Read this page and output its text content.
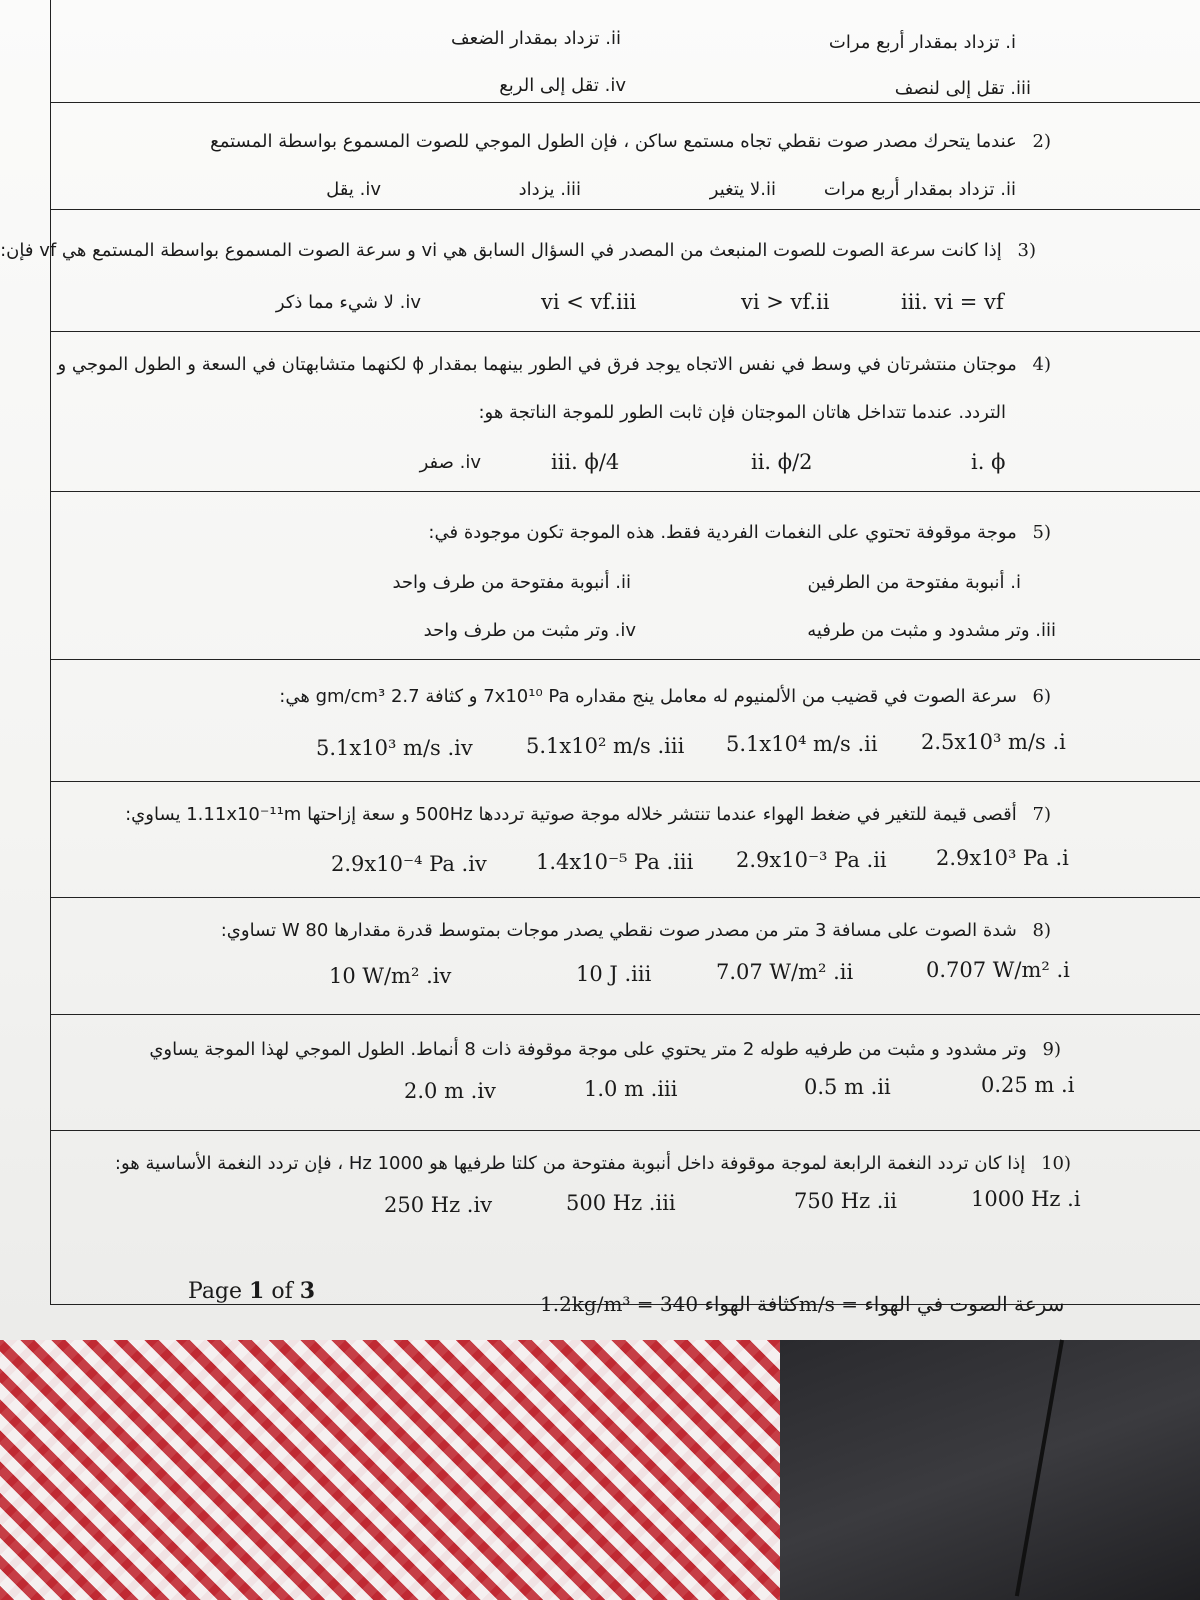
i. تزداد بمقدار أربع مرات
ii. تزداد بمقدار الضعف
iii. تقل إلى لنصف
iv. تقل إلى الربع
(2 عندما يتحرك مصدر صوت نقطي تجاه مستمع ساكن ، فإن الطول الموجي للصوت المسموع بواسطة المستمع
ii. تزداد بمقدار أربع مرات
ii.لا يتغير
iii. يزداد
iv. يقل
(3 إذا كانت سرعة الصوت للصوت المنبعث من المصدر في السؤال السابق هي vi و سرعة الصوت المسموع بواسطة المستمع هي vf فإن:
iii. vi = vf
vi > vf.ii
vi < vf.iii
iv. لا شيء مما ذكر
(4 موجتان منتشرتان في وسط في نفس الاتجاه يوجد فرق في الطور بينهما بمقدار ϕ لكنهما متشابهتان في السعة و الطول الموجي و
التردد. عندما تتداخل هاتان الموجتان فإن ثابت الطور للموجة الناتجة هو:
i. ϕ
ii. ϕ/2
iii. ϕ/4
iv. صفر
(5 موجة موقوفة تحتوي على النغمات الفردية فقط. هذه الموجة تكون موجودة في:
i. أنبوبة مفتوحة من الطرفين
ii. أنبوبة مفتوحة من طرف واحد
iii. وتر مشدود و مثبت من طرفيه
iv. وتر مثبت من طرف واحد
(6 سرعة الصوت في قضيب من الألمنيوم له معامل ينج مقداره 7x10¹⁰ Pa و كثافة 2.7 gm/cm³ هي:
2.5x10³ m/s .i
5.1x10⁴ m/s .ii
5.1x10² m/s .iii
5.1x10³ m/s .iv
(7 أقصى قيمة للتغير في ضغط الهواء عندما تنتشر خلاله موجة صوتية ترددها 500Hz و سعة إزاحتها 1.11x10⁻¹¹m يساوي:
2.9x10³ Pa .i
2.9x10⁻³ Pa .ii
1.4x10⁻⁵ Pa .iii
2.9x10⁻⁴ Pa .iv
(8 شدة الصوت على مسافة 3 متر من مصدر صوت نقطي يصدر موجات بمتوسط قدرة مقدارها 80 W تساوي:
0.707 W/m² .i
7.07 W/m² .ii
10 J .iii
10 W/m² .iv
(9 وتر مشدود و مثبت من طرفيه طوله 2 متر يحتوي على موجة موقوفة ذات 8 أنماط. الطول الموجي لهذا الموجة يساوي
0.25 m .i
0.5 m .ii
1.0 m .iii
2.0 m .iv
(10 إذا كان تردد النغمة الرابعة لموجة موقوفة داخل أنبوبة مفتوحة من كلتا طرفيها هو 1000 Hz ، فإن تردد النغمة الأساسية هو:
1000 Hz .i
750 Hz .ii
500 Hz .iii
250 Hz .iv
Page 1 of 3	1.2kg/m³ = كثافة الهواء 340m/s = سرعة الصوت في الهواء
